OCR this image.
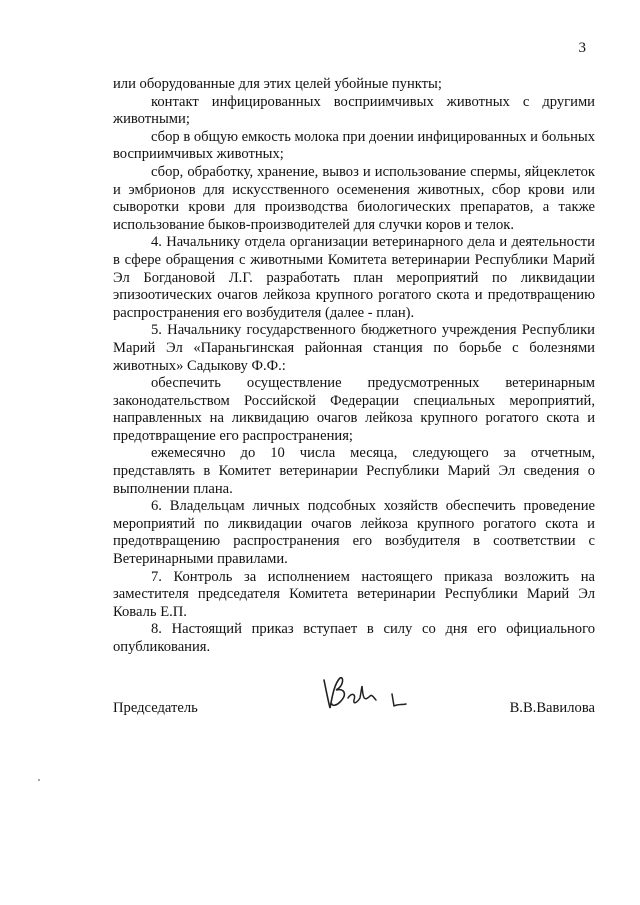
3

или оборудованные для этих целей убойные пункты;

контакт инфицированных восприимчивых животных с другими животными;

сбор в общую емкость молока при доении инфицированных и больных восприимчивых животных;

сбор, обработку, хранение, вывоз и использование спермы, яйцеклеток и эмбрионов для искусственного осеменения животных, сбор крови или сыворотки крови для производства биологических препаратов, а также использование быков-производителей для случки коров и телок.

4. Начальнику отдела организации ветеринарного дела и деятельности в сфере обращения с животными Комитета ветеринарии Республики Марий Эл Богдановой Л.Г. разработать план мероприятий по ликвидации эпизоотических очагов лейкоза крупного рогатого скота и предотвращению распространения его возбудителя (далее - план).

5. Начальнику государственного бюджетного учреждения Республики Марий Эл «Параньгинская районная станция по борьбе с болезнями животных» Садыкову Ф.Ф.:

обеспечить осуществление предусмотренных ветеринарным законодательством Российской Федерации специальных мероприятий, направленных на ликвидацию очагов лейкоза крупного рогатого скота и предотвращение его распространения;

ежемесячно до 10 числа месяца, следующего за отчетным, представлять в Комитет ветеринарии Республики Марий Эл сведения о выполнении плана.

6. Владельцам личных подсобных хозяйств обеспечить проведение мероприятий по ликвидации очагов лейкоза крупного рогатого скота и предотвращению распространения его возбудителя в соответствии с Ветеринарными правилами.

7. Контроль за исполнением настоящего приказа возложить на заместителя председателя Комитета ветеринарии Республики Марий Эл Коваль Е.П.

8. Настоящий приказ вступает в силу со дня его официального опубликования.

Председатель	В.В.Вавилова
